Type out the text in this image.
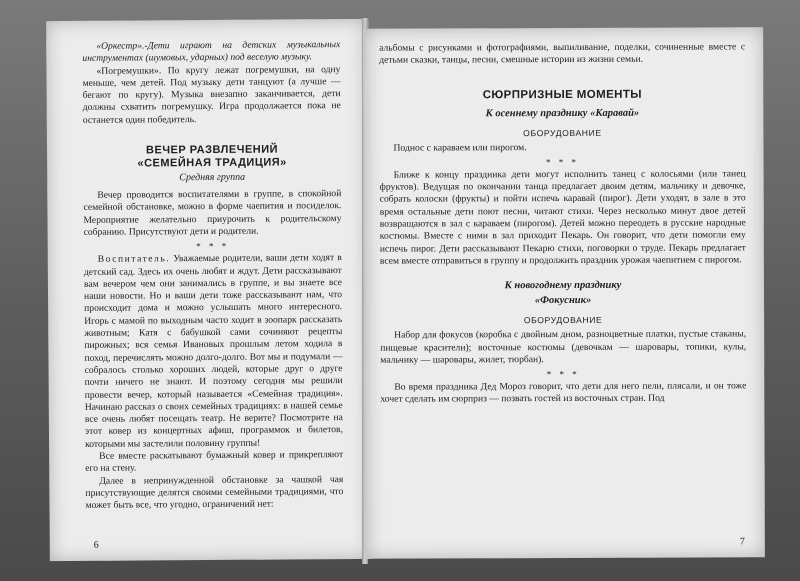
«Оркестр».-Дети играют на детских музыкальных инструментах (шумовых, ударных) под веселую музыку.

«Погремушки». По кругу лежат погремушки, на одну меньше, чем детей. Под музыку дети танцуют (а лучше — бегают по кругу). Музыка внезапно заканчивается, дети должны схватить погремушку. Игра продолжается пока не останется один победитель.

ВЕЧЕР РАЗВЛЕЧЕНИЙ
«СЕМЕЙНАЯ ТРАДИЦИЯ»
Средняя группа

Вечер проводится воспитателями в группе, в спокойной семейной обстановке, можно в форме чаепития и посиделок. Мероприятие желательно приурочить к родительскому собранию. Присутствуют дети и родители.

* * *

Воспитатель. Уважаемые родители, ваши дети ходят в детский сад. Здесь их очень любят и ждут. Дети рассказывают вам вечером чем они занимались в группе, и вы знаете все наши новости. Но и ваши дети тоже рассказывают нам, что происходит дома и можно услышать много интересного. Игорь с мамой по выходным часто ходит в зоопарк рассказать животным; Катя с бабушкой сами сочиняют рецепты пирожных; вся семья Ивановых прошлым летом ходила в поход, перечислять можно долго-долго. Вот мы и подумали — собралось столько хороших людей, которые друг о друге почти ничего не знают. И поэтому сегодня мы решили провести вечер, который называется «Семейная традиция». Начинаю рассказ о своих семейных традициях: в нашей семье все очень любят посещать театр. Не верите? Посмотрите на этот ковер из концертных афиш, программок и билетов, которыми мы застелили половину группы!

Все вместе раскатывают бумажный ковер и прикрепляют его на стену.

Далее в непринужденной обстановке за чашкой чая присутствующие делятся своими семейными традициями, что может быть все, что угодно, ограничений нет:

6

альбомы с рисунками и фотографиями, выпиливание, поделки, сочиненные вместе с детьми сказки, танцы, песни, смешные истории из жизни семьи.

СЮРПРИЗНЫЕ МОМЕНТЫ
К осеннему празднику «Каравай»
ОБОРУДОВАНИЕ

Поднос с караваем или пирогом.

* * *

Ближе к концу праздника дети могут исполнить танец с колосьями (или танец фруктов). Ведущая по окончании танца предлагает двоим детям, мальчику и девочке, собрать колоски (фрукты) и пойти испечь каравай (пирог). Дети уходят, в зале в это время остальные дети поют песни, читают стихи. Через несколько минут двое детей возвращаются в зал с караваем (пирогом). Детей можно переодеть в русские народные костюмы. Вместе с ними в зал приходит Пекарь. Он говорит, что дети помогли ему испечь пирог. Дети рассказывают Пекарю стихи, поговорки о труде. Пекарь предлагает всем вместе отправиться в группу и продолжить праздник урожая чаепитием с пирогом.

К новогоднему празднику
«Фокусник»
ОБОРУДОВАНИЕ

Набор для фокусов (коробка с двойным дном, разноцветные платки, пустые стаканы, пищевые красители); восточные костюмы (девочкам — шаровары, топики, кулы, мальчику — шаровары, жилет, тюрбан).

* * *

Во время праздника Дед Мороз говорит, что дети для него пели, плясали, и он тоже хочет сделать им сюрприз — позвать гостей из восточных стран. Под

7
